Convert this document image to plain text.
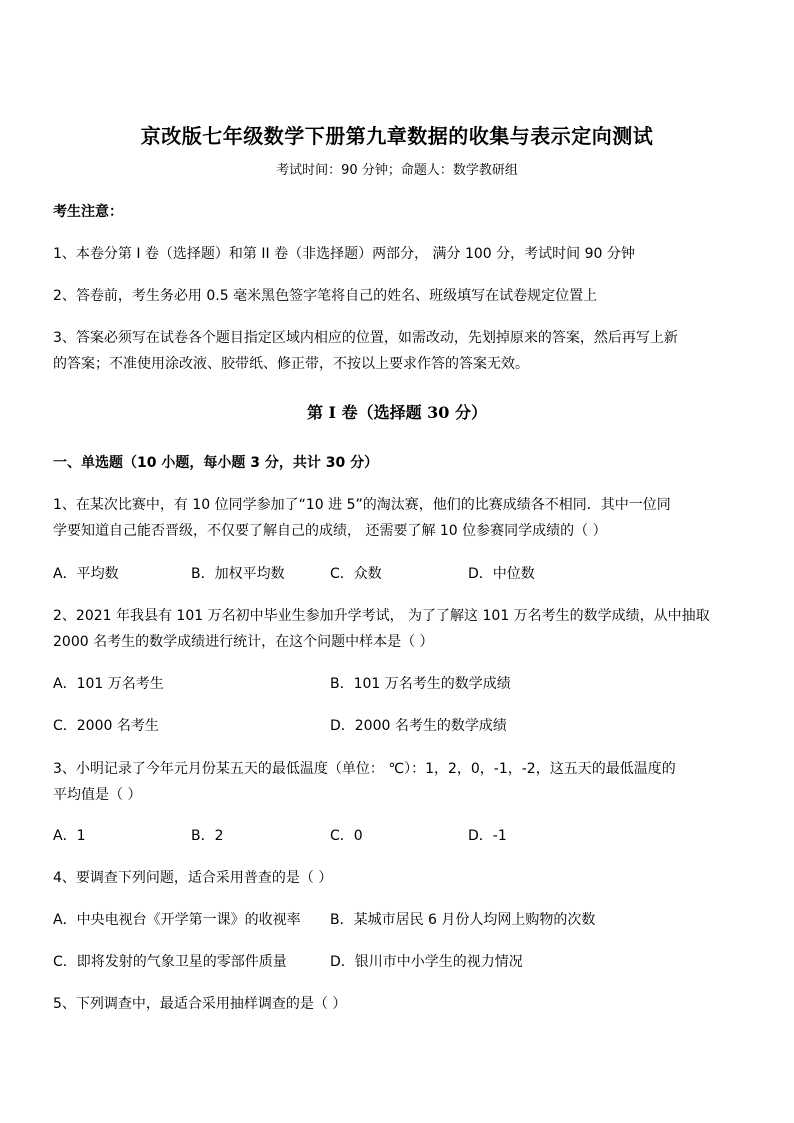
京改版七年级数学下册第九章数据的收集与表示定向测试
考试时间：90 分钟；命题人：数学教研组
考生注意：
1、本卷分第 I 卷（选择题）和第 II 卷（非选择题）两部分， 满分 100 分，考试时间 90 分钟
2、答卷前，考生务必用 0.5 毫米黑色签字笔将自己的姓名、班级填写在试卷规定位置上
3、答案必须写在试卷各个题目指定区域内相应的位置，如需改动，先划掉原来的答案，然后再写上新
的答案；不准使用涂改液、胶带纸、修正带，不按以上要求作答的答案无效。
第 I 卷（选择题 30 分）
一、单选题（10 小题，每小题 3 分，共计 30 分）
1、在某次比赛中，有 10 位同学参加了“10 进 5”的淘汰赛，他们的比赛成绩各不相同．其中一位同
学要知道自己能否晋级，不仅要了解自己的成绩， 还需要了解 10 位参赛同学成绩的（ ）
A．平均数	B．加权平均数	C．众数	D．中位数
2、2021 年我县有 101 万名初中毕业生参加升学考试， 为了了解这 101 万名考生的数学成绩，从中抽取
2000 名考生的数学成绩进行统计，在这个问题中样本是（ ）
A．101 万名考生	B．101 万名考生的数学成绩
C．2000 名考生	D．2000 名考生的数学成绩
3、小明记录了今年元月份某五天的最低温度（单位： ℃）：1，2，0，-1，-2，这五天的最低温度的
平均值是（ ）
A．1	B．2	C．0	D．-1
4、要调查下列问题，适合采用普查的是（ ）
A．中央电视台《开学第一课》的收视率 B．某城市居民 6 月份人均网上购物的次数
C．即将发射的气象卫星的零部件质量	D．银川市中小学生的视力情况
5、下列调查中，最适合采用抽样调查的是（ ）
